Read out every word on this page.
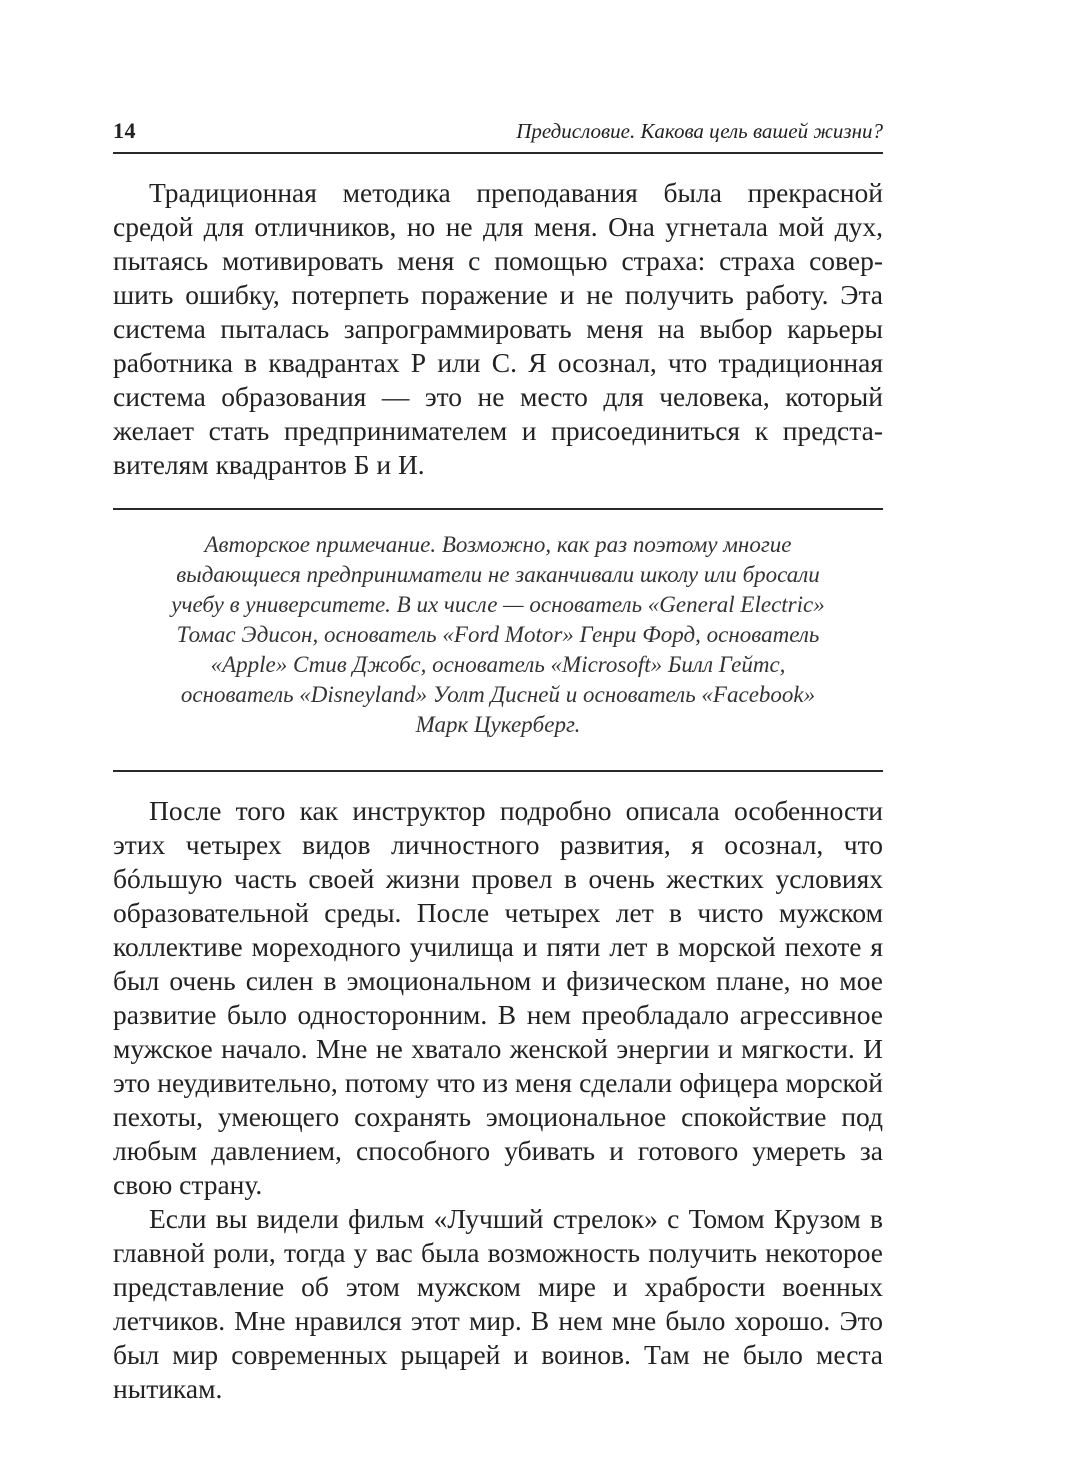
14	Предисловие. Какова цель вашей жизни?

Традиционная методика преподавания была прекрасной средой для отличников, но не для меня. Она угнетала мой дух, пытаясь мотивировать меня с помощью страха: страха совершить ошибку, потерпеть поражение и не получить работу. Эта система пыталась запрограммировать меня на выбор карьеры работника в квадрантах Р или С. Я осознал, что традиционная система образования — это не место для человека, который желает стать предпринимателем и присоединиться к представителям квадрантов Б и И.

Авторское примечание. Возможно, как раз поэтому многие выдающиеся предприниматели не заканчивали школу или бросали учебу в университете. В их числе — основатель «General Electric» Томас Эдисон, основатель «Ford Motor» Генри Форд, основатель «Apple» Стив Джобс, основатель «Microsoft» Билл Гейтс, основатель «Disneyland» Уолт Дисней и основатель «Facebook» Марк Цукерберг.

После того как инструктор подробно описала особенности этих четырех видов личностного развития, я осознал, что бóльшую часть своей жизни провел в очень жестких условиях образовательной среды. После четырех лет в чисто мужском коллективе мореходного училища и пяти лет в морской пехоте я был очень силен в эмоциональном и физическом плане, но мое развитие было односторонним. В нем преобладало агрессивное мужское начало. Мне не хватало женской энергии и мягкости. И это неудивительно, потому что из меня сделали офицера морской пехоты, умеющего сохранять эмоциональное спокойствие под любым давлением, способного убивать и готового умереть за свою страну.

Если вы видели фильм «Лучший стрелок» с Томом Крузом в главной роли, тогда у вас была возможность получить некоторое представление об этом мужском мире и храбрости военных летчиков. Мне нравился этот мир. В нем мне было хорошо. Это был мир современных рыцарей и воинов. Там не было места нытикам.
